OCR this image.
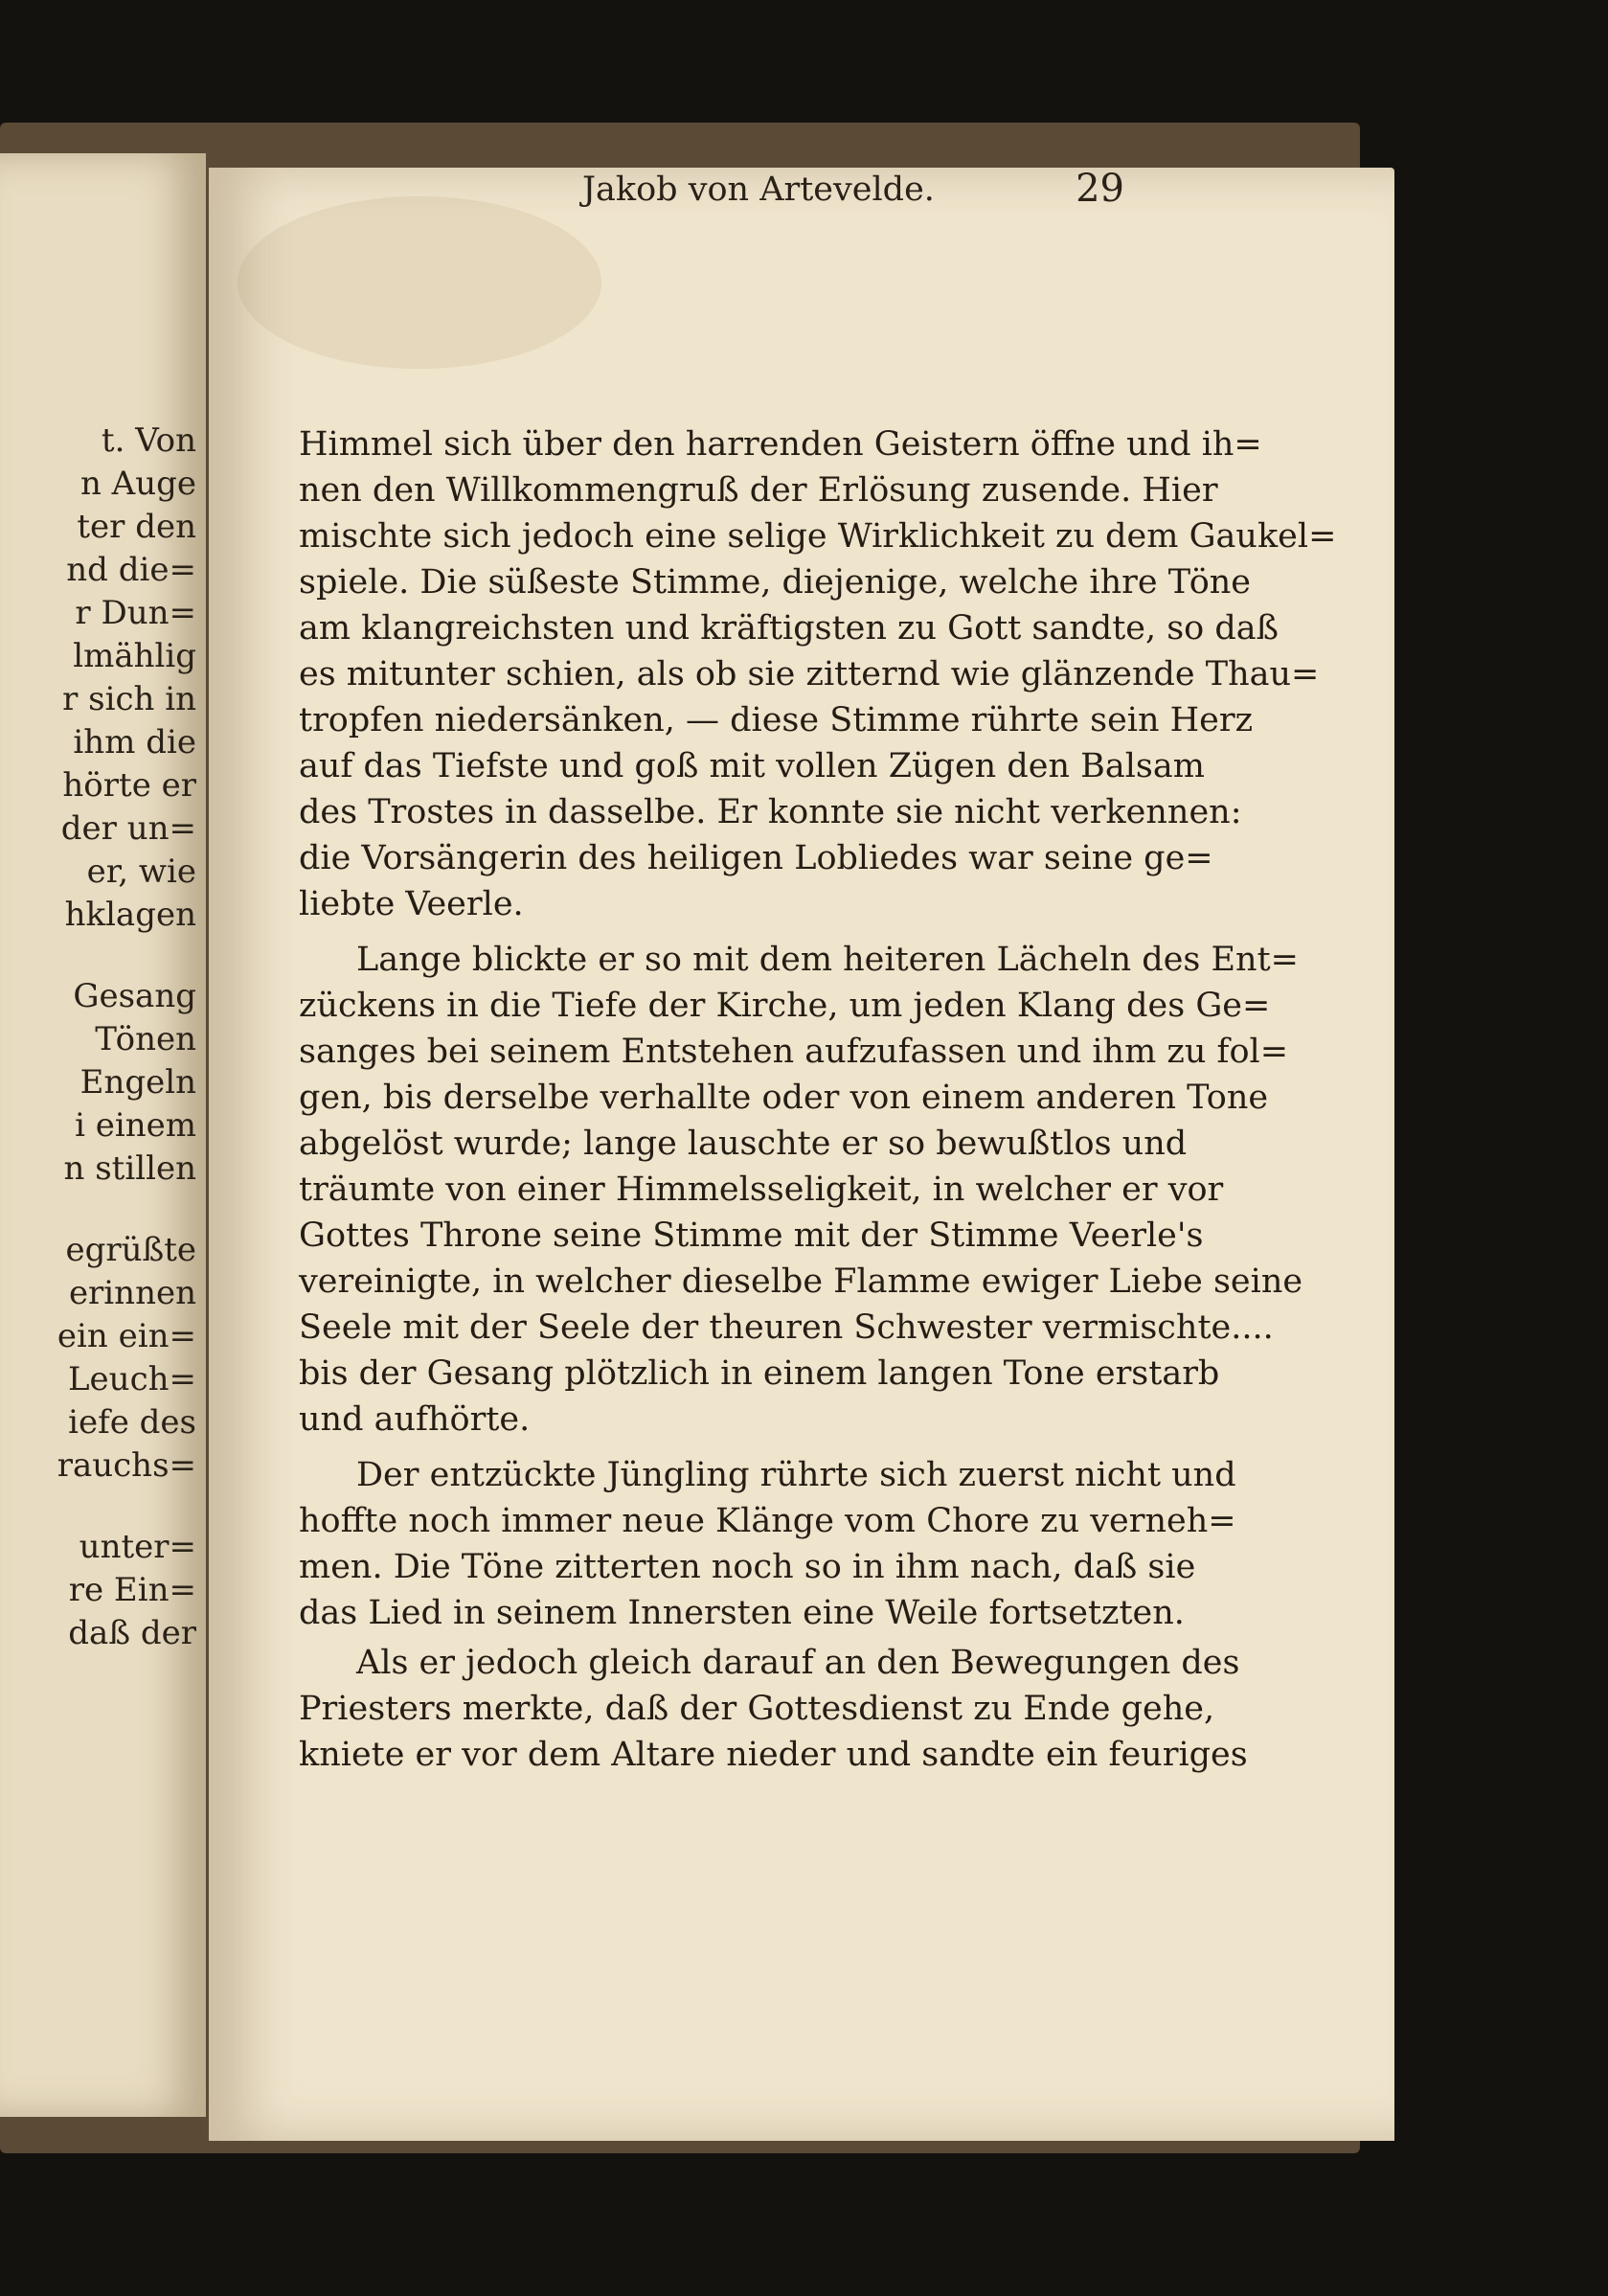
t. Von
n Auge
ter den
nd die=
r Dun=
lmählig
r sich in
ihm die
hörte er
der un=
er, wie
hklagen
Gesang
Tönen
Engeln
i einem
n stillen
egrüßte
erinnen
ein ein=
Leuch=
iefe des
rauchs=
unter=
re Ein=
daß der
Jakob von Artevelde.	29
Himmel sich über den harrenden Geistern öffne und ih=
nen den Willkommengruß der Erlösung zusende. Hier
mischte sich jedoch eine selige Wirklichkeit zu dem Gaukel=
spiele. Die süßeste Stimme, diejenige, welche ihre Töne
am klangreichsten und kräftigsten zu Gott sandte, so daß
es mitunter schien, als ob sie zitternd wie glänzende Thau=
tropfen niedersänken, — diese Stimme rührte sein Herz
auf das Tiefste und goß mit vollen Zügen den Balsam
des Trostes in dasselbe. Er konnte sie nicht verkennen:
die Vorsängerin des heiligen Lobliedes war seine ge=
liebte Veerle.
Lange blickte er so mit dem heiteren Lächeln des Ent=
zückens in die Tiefe der Kirche, um jeden Klang des Ge=
sanges bei seinem Entstehen aufzufassen und ihm zu fol=
gen, bis derselbe verhallte oder von einem anderen Tone
abgelöst wurde; lange lauschte er so bewußtlos und
träumte von einer Himmelsseligkeit, in welcher er vor
Gottes Throne seine Stimme mit der Stimme Veerle's
vereinigte, in welcher dieselbe Flamme ewiger Liebe seine
Seele mit der Seele der theuren Schwester vermischte....
bis der Gesang plötzlich in einem langen Tone erstarb
und aufhörte.
Der entzückte Jüngling rührte sich zuerst nicht und
hoffte noch immer neue Klänge vom Chore zu verneh=
men. Die Töne zitterten noch so in ihm nach, daß sie
das Lied in seinem Innersten eine Weile fortsetzten.
Als er jedoch gleich darauf an den Bewegungen des
Priesters merkte, daß der Gottesdienst zu Ende gehe,
kniete er vor dem Altare nieder und sandte ein feuriges
